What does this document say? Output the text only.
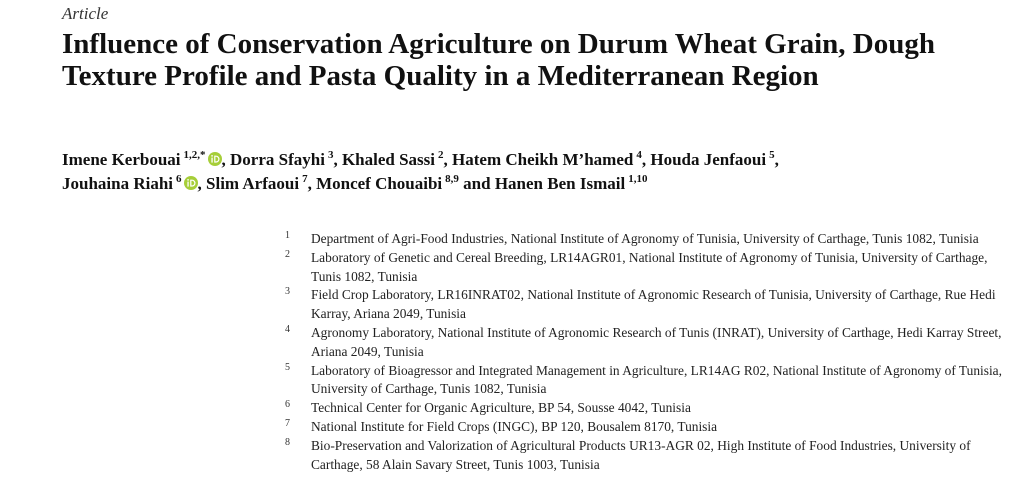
Article
Influence of Conservation Agriculture on Durum Wheat Grain, Dough Texture Profile and Pasta Quality in a Mediterranean Region
Imene Kerbouai $^{1,2,*}$ , Dorra Sfayhi $^3$, Khaled Sassi $^2$, Hatem Cheikh M’hamed $^4$, Houda Jenfaoui $^5$,
Jouhaina Riahi $^6$ , Slim Arfaoui $^7$, Moncef Chouaibi $^{8,9}$ and Hanen Ben Ismail $^{1,10}$
1 Department of Agri-Food Industries, National Institute of Agronomy of Tunisia, University of Carthage, Tunis 1082, Tunisia
2 Laboratory of Genetic and Cereal Breeding, LR14AGR01, National Institute of Agronomy of Tunisia, University of Carthage, Tunis 1082, Tunisia
3 Field Crop Laboratory, LR16INRAT02, National Institute of Agronomic Research of Tunisia, University of Carthage, Rue Hedi Karray, Ariana 2049, Tunisia
4 Agronomy Laboratory, National Institute of Agronomic Research of Tunis (INRAT), University of Carthage, Hedi Karray Street, Ariana 2049, Tunisia
5 Laboratory of Bioagressor and Integrated Management in Agriculture, LR14AG R02, National Institute of Agronomy of Tunisia, University of Carthage, Tunis 1082, Tunisia
6 Technical Center for Organic Agriculture, BP 54, Sousse 4042, Tunisia
7 National Institute for Field Crops (INGC), BP 120, Bousalem 8170, Tunisia
8 Bio-Preservation and Valorization of Agricultural Products UR13-AGR 02, High Institute of Food Industries, University of Carthage, 58 Alain Savary Street, Tunis 1003, Tunisia
